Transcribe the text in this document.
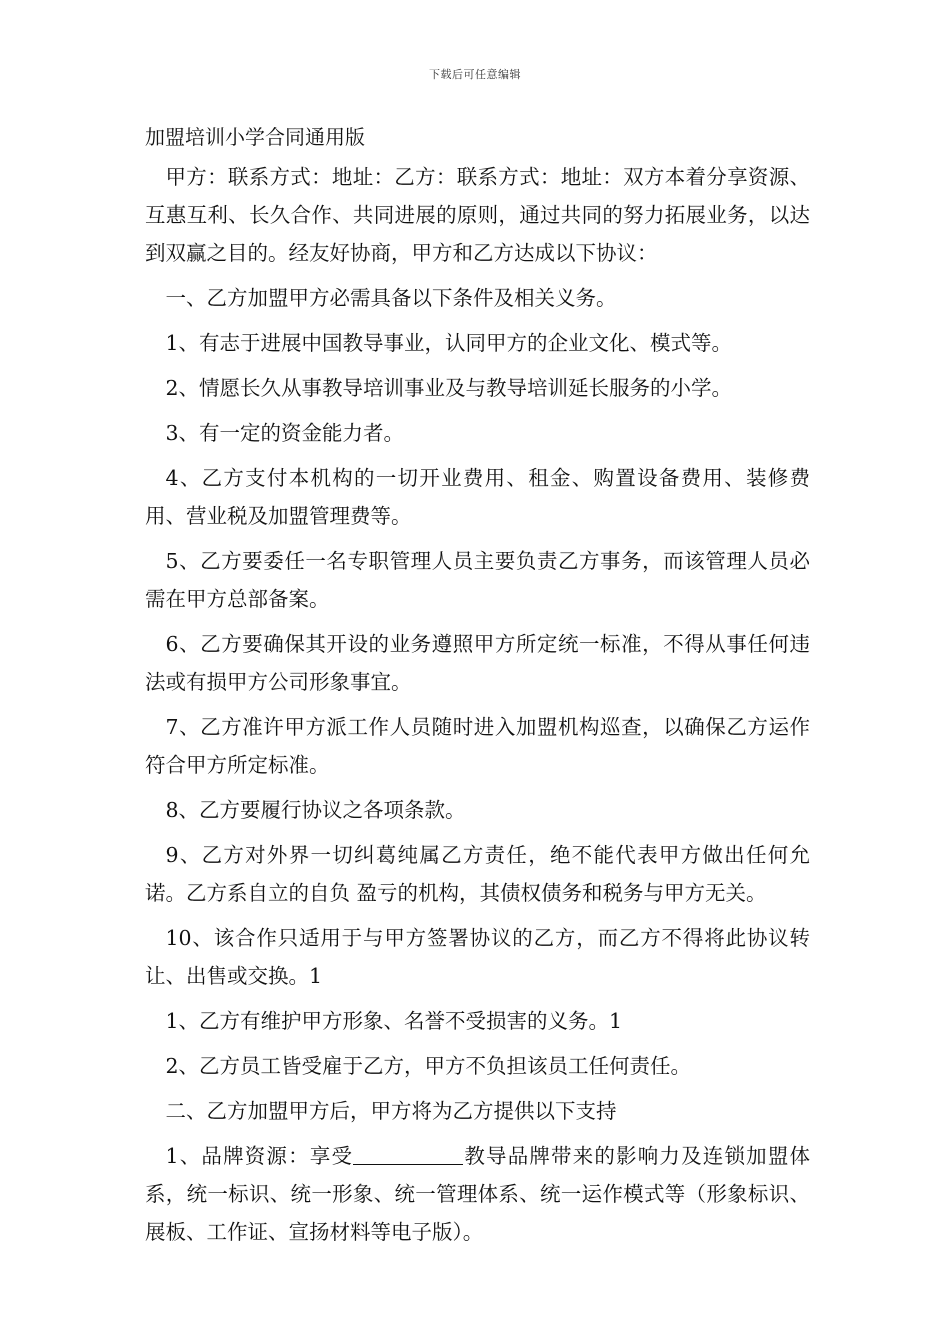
下载后可任意编辑
加盟培训小学合同通用版

甲方：联系方式：地址：乙方：联系方式：地址：双方本着分享资源、互惠互利、长久合作、共同进展的原则，通过共同的努力拓展业务，以达到双赢之目的。经友好协商，甲方和乙方达成以下协议：

一、乙方加盟甲方必需具备以下条件及相关义务。

1、有志于进展中国教导事业，认同甲方的企业文化、模式等。

2、情愿长久从事教导培训事业及与教导培训延长服务的小学。

3、有一定的资金能力者。

4、乙方支付本机构的一切开业费用、租金、购置设备费用、装修费用、营业税及加盟管理费等。

5、乙方要委任一名专职管理人员主要负责乙方事务，而该管理人员必需在甲方总部备案。

6、乙方要确保其开设的业务遵照甲方所定统一标准，不得从事任何违法或有损甲方公司形象事宜。

7、乙方准许甲方派工作人员随时进入加盟机构巡查，以确保乙方运作符合甲方所定标准。

8、乙方要履行协议之各项条款。

9、乙方对外界一切纠葛纯属乙方责任，绝不能代表甲方做出任何允诺。乙方系自立的自负 盈亏的机构，其债权债务和税务与甲方无关。

10、该合作只适用于与甲方签署协议的乙方，而乙方不得将此协议转让、出售或交换。1

1、乙方有维护甲方形象、名誉不受损害的义务。1

2、乙方员工皆受雇于乙方，甲方不负担该员工任何责任。

二、乙方加盟甲方后，甲方将为乙方提供以下支持

1、品牌资源：享受	教导品牌带来的影响力及连锁加盟体系，统一标识、统一形象、统一管理体系、统一运作模式等（形象标识、展板、工作证、宣扬材料等电子版）。
